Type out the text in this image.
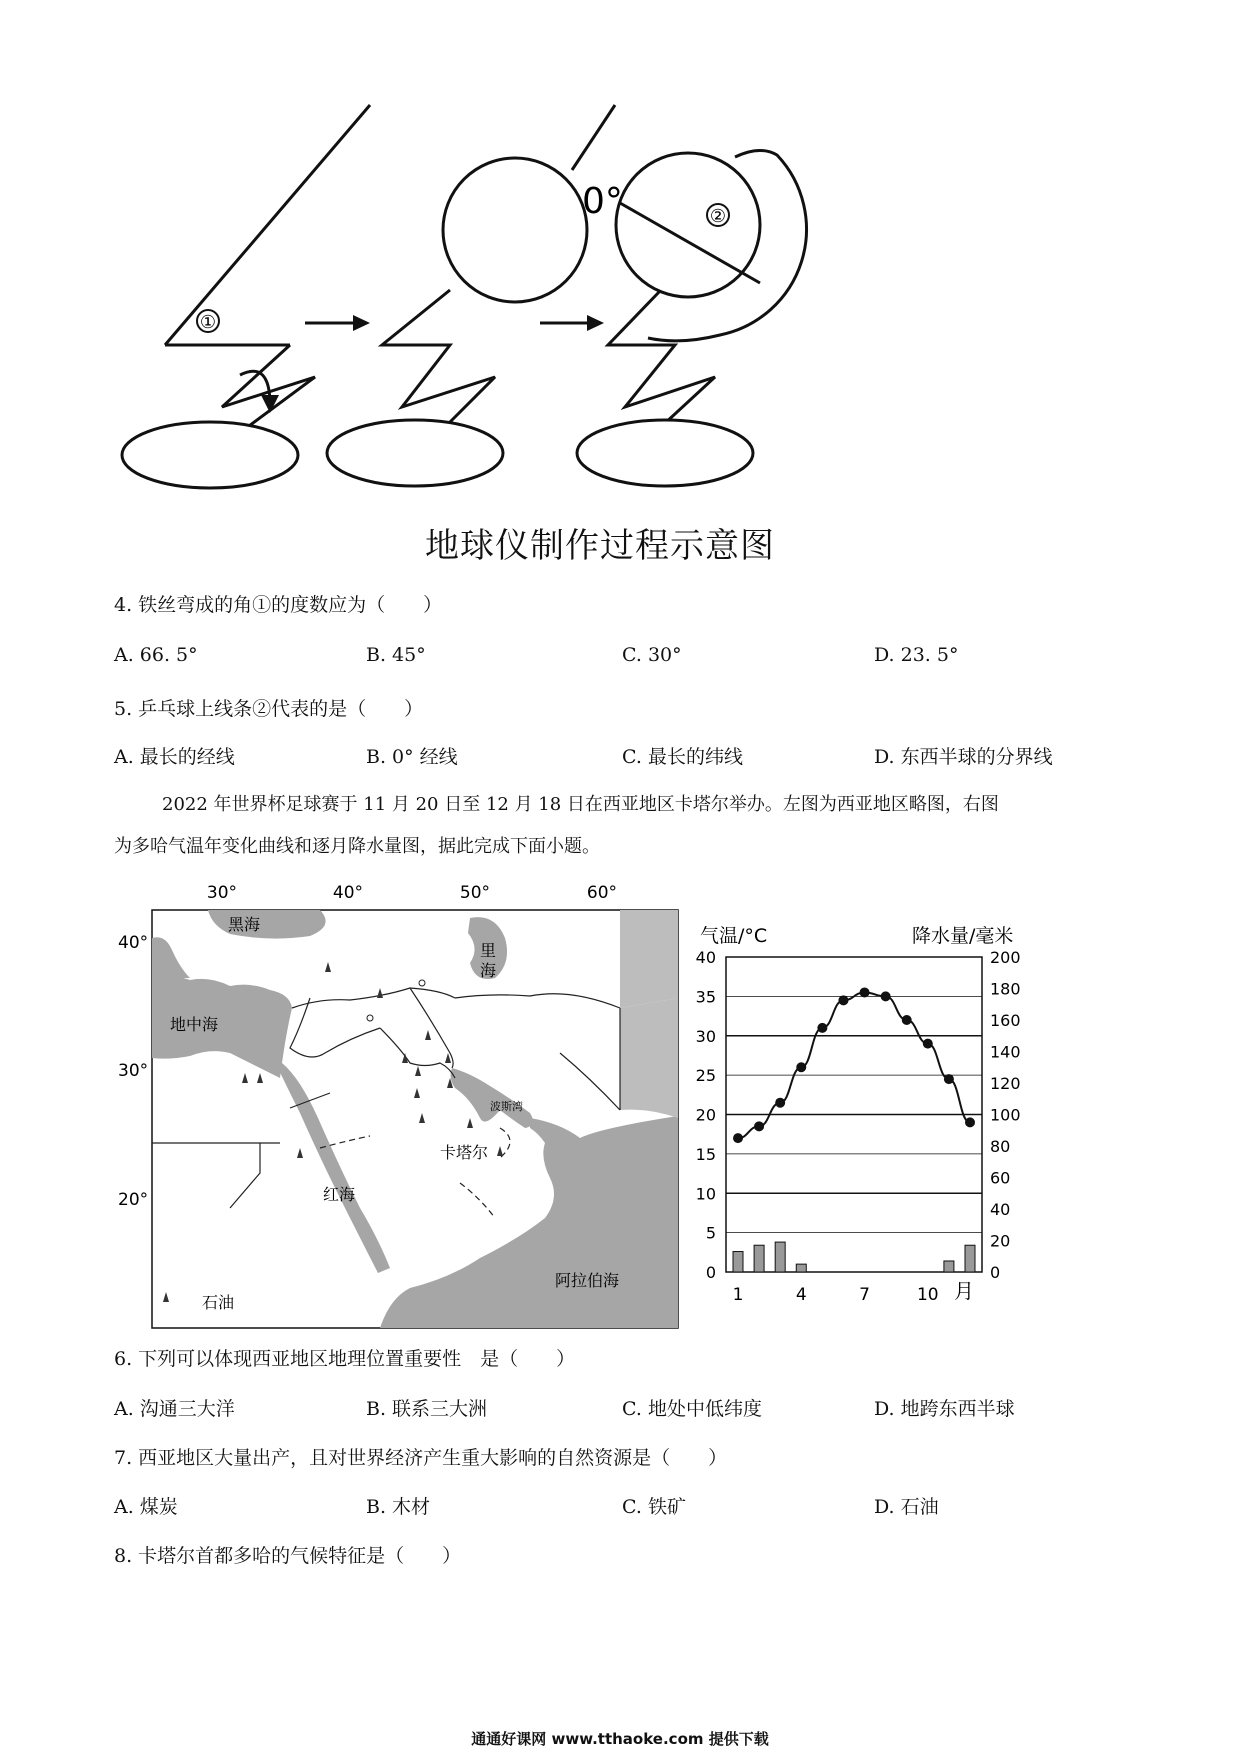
①
②
0°
地球仪制作过程示意图
4. 铁丝弯成的角①的度数应为（　　）
A. 66. 5°	B. 45°	C. 30°	D. 23. 5°
5. 乒乓球上线条②代表的是（　　）
A. 最长的经线	B. 0° 经线	C. 最长的纬线	D. 东西半球的分界线
2022 年世界杯足球赛于 11 月 20 日至 12 月 18 日在西亚地区卡塔尔举办。左图为西亚地区略图，右图
为多哈气温年变化曲线和逐月降水量图，据此完成下面小题。
30°	40°	50°	60°
40°
30°
20°
黑海
里
海
地中海
红海
阿拉伯海
波斯湾
卡塔尔
石油
气温/°C	降水量/毫米
0
5
10
15
20
25
30
35
40
0
20
40
60
80
100
120
140
160
180
200
1	4	7	10 月
6. 下列可以体现西亚地区地理位置重要性　是（　　）
A. 沟通三大洋	B. 联系三大洲	C. 地处中低纬度	D. 地跨东西半球
7. 西亚地区大量出产，且对世界经济产生重大影响的自然资源是（　　）
A. 煤炭	B. 木材	C. 铁矿	D. 石油
8. 卡塔尔首都多哈的气候特征是（　　）
通通好课网 www.tthaoke.com 提供下载
